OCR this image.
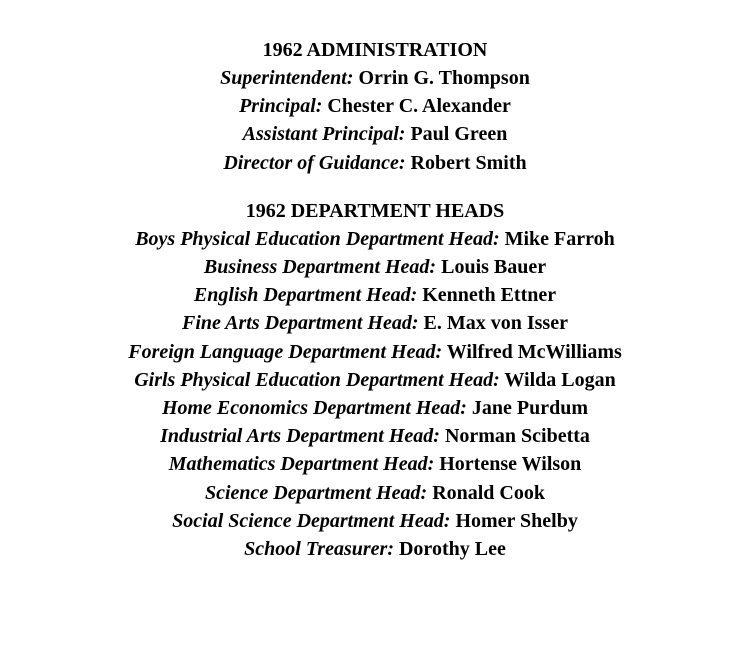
1962 ADMINISTRATION

Superintendent: Orrin G. Thompson

Principal: Chester C. Alexander

Assistant Principal: Paul Green

Director of Guidance: Robert Smith

1962 DEPARTMENT HEADS

Boys Physical Education Department Head: Mike Farroh

Business Department Head: Louis Bauer

English Department Head: Kenneth Ettner

Fine Arts Department Head: E. Max von Isser

Foreign Language Department Head: Wilfred McWilliams

Girls Physical Education Department Head: Wilda Logan

Home Economics Department Head: Jane Purdum

Industrial Arts Department Head: Norman Scibetta

Mathematics Department Head: Hortense Wilson

Science Department Head: Ronald Cook

Social Science Department Head: Homer Shelby

School Treasurer: Dorothy Lee
